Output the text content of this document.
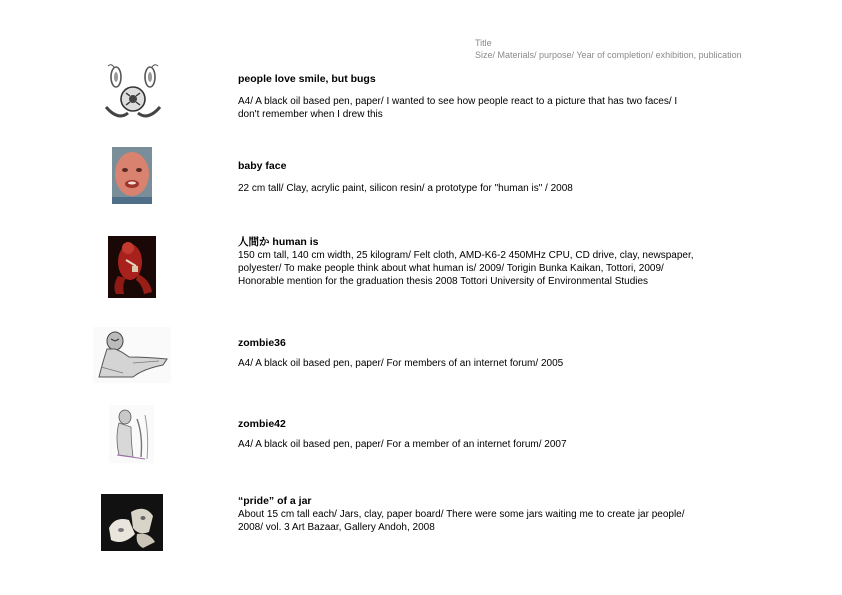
Title
Size/ Materials/ purpose/ Year of completion/ exhibition, publication
people love smile, but bugs
A4/ A black oil based pen, paper/ I wanted to see how people react to a picture that has two faces/ I don't remember when I drew this
baby face
22 cm tall/ Clay, acrylic paint, silicon resin/ a prototype for "human is" / 2008
人間か human is
150 cm tall, 140 cm width, 25 kilogram/ Felt cloth, AMD-K6-2 450MHz CPU, CD drive, clay, newspaper, polyester/ To make people think about what human is/ 2009/ Torigin Bunka Kaikan, Tottori, 2009/ Honorable mention for the graduation thesis 2008 Tottori University of Environmental Studies
zombie36
A4/ A black oil based pen, paper/ For members of an internet forum/ 2005
zombie42
A4/ A black oil based pen, paper/ For a member of an internet forum/ 2007
“pride” of a jar
About 15 cm tall each/ Jars, clay, paper board/ There were some jars waiting me to create jar people/ 2008/ vol. 3 Art Bazaar, Gallery Andoh, 2008
